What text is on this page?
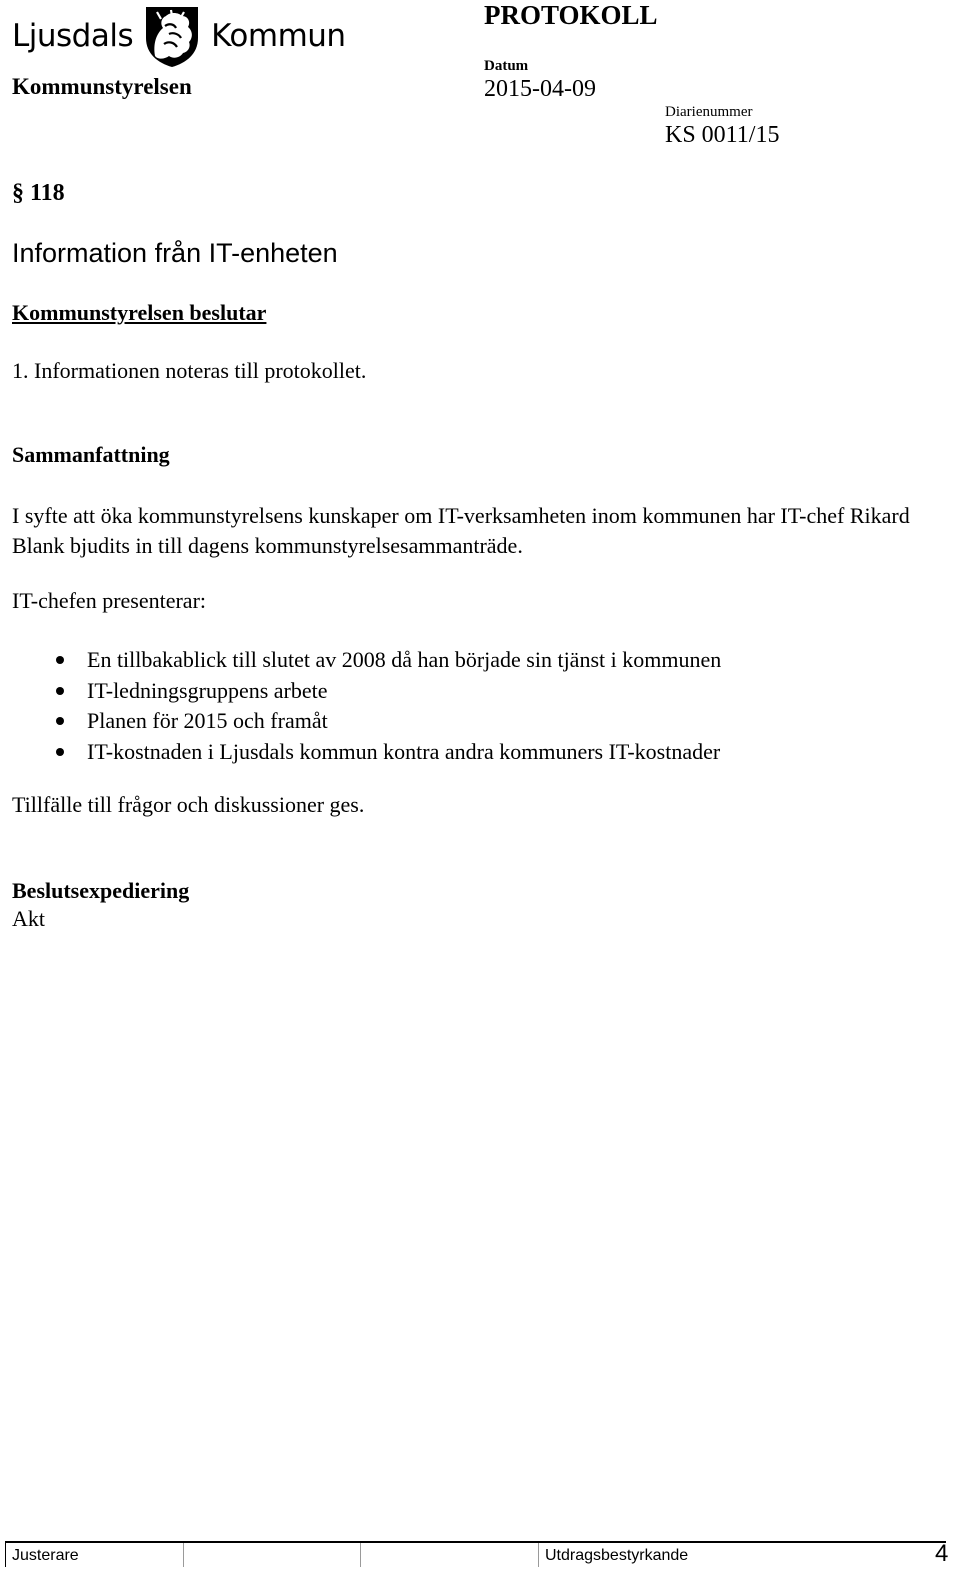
Ljusdals	Kommun
PROTOKOLL
Kommunstyrelsen
Datum
2015-04-09
Diarienummer
KS 0011/15
§ 118
Information från IT-enheten
Kommunstyrelsen beslutar
1. Informationen noteras till protokollet.
Sammanfattning
I syfte att öka kommunstyrelsens kunskaper om IT-verksamheten inom kommunen har IT-chef Rikard Blank bjudits in till dagens kommunstyrelsesammanträde.
IT-chefen presenterar:
En tillbakablick till slutet av 2008 då han började sin tjänst i kommunen
IT-ledningsgruppens arbete
Planen för 2015 och framåt
IT-kostnaden i Ljusdals kommun kontra andra kommuners IT-kostnader
Tillfälle till frågor och diskussioner ges.
Beslutsexpediering
Akt
Justerare	Utdragsbestyrkande	4
